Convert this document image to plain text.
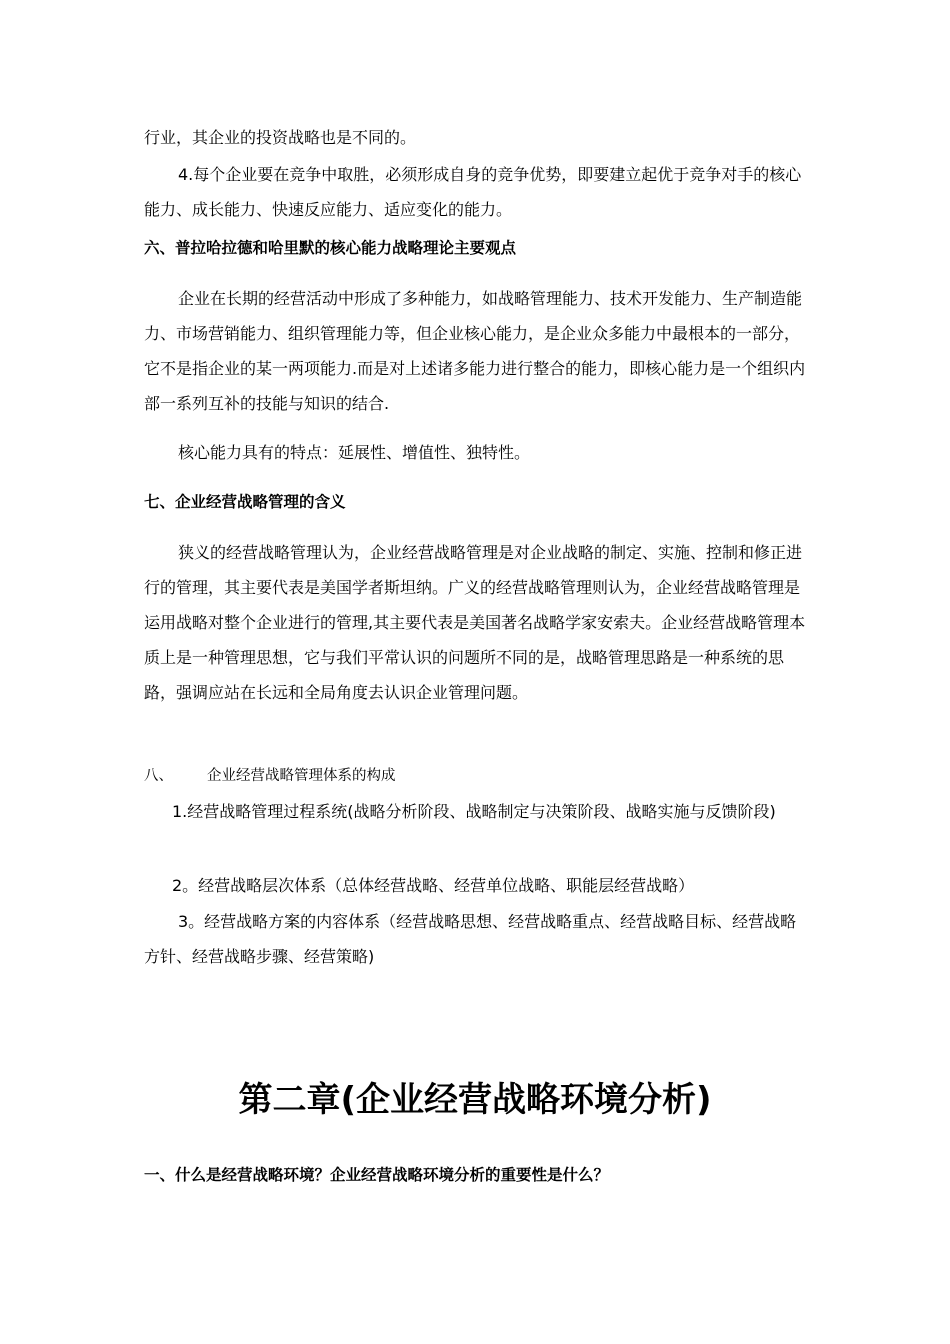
行业，其企业的投资战略也是不同的。

4.每个企业要在竞争中取胜，必须形成自身的竞争优势，即要建立起优于竞争对手的核心能力、成长能力、快速反应能力、适应变化的能力。

六、普拉哈拉德和哈里默的核心能力战略理论主要观点

企业在长期的经营活动中形成了多种能力，如战略管理能力、技术开发能力、生产制造能力、市场营销能力、组织管理能力等，但企业核心能力，是企业众多能力中最根本的一部分，它不是指企业的某一两项能力.而是对上述诸多能力进行整合的能力，即核心能力是一个组织内部一系列互补的技能与知识的结合.

核心能力具有的特点：延展性、增值性、独特性。

七、企业经营战略管理的含义

狭义的经营战略管理认为，企业经营战略管理是对企业战略的制定、实施、控制和修正进行的管理，其主要代表是美国学者斯坦纳。广义的经营战略管理则认为，企业经营战略管理是运用战略对整个企业进行的管理,其主要代表是美国著名战略学家安索夫。企业经营战略管理本质上是一种管理思想，它与我们平常认识的问题所不同的是，战略管理思路是一种系统的思路，强调应站在长远和全局角度去认识企业管理问题。

八、 企业经营战略管理体系的构成

1.经营战略管理过程系统(战略分析阶段、战略制定与决策阶段、战略实施与反馈阶段)

2。经营战略层次体系（总体经营战略、经营单位战略、职能层经营战略）

3。经营战略方案的内容体系（经营战略思想、经营战略重点、经营战略目标、经营战略方针、经营战略步骤、经营策略)

第二章(企业经营战略环境分析)

一、什么是经营战略环境？企业经营战略环境分析的重要性是什么？
